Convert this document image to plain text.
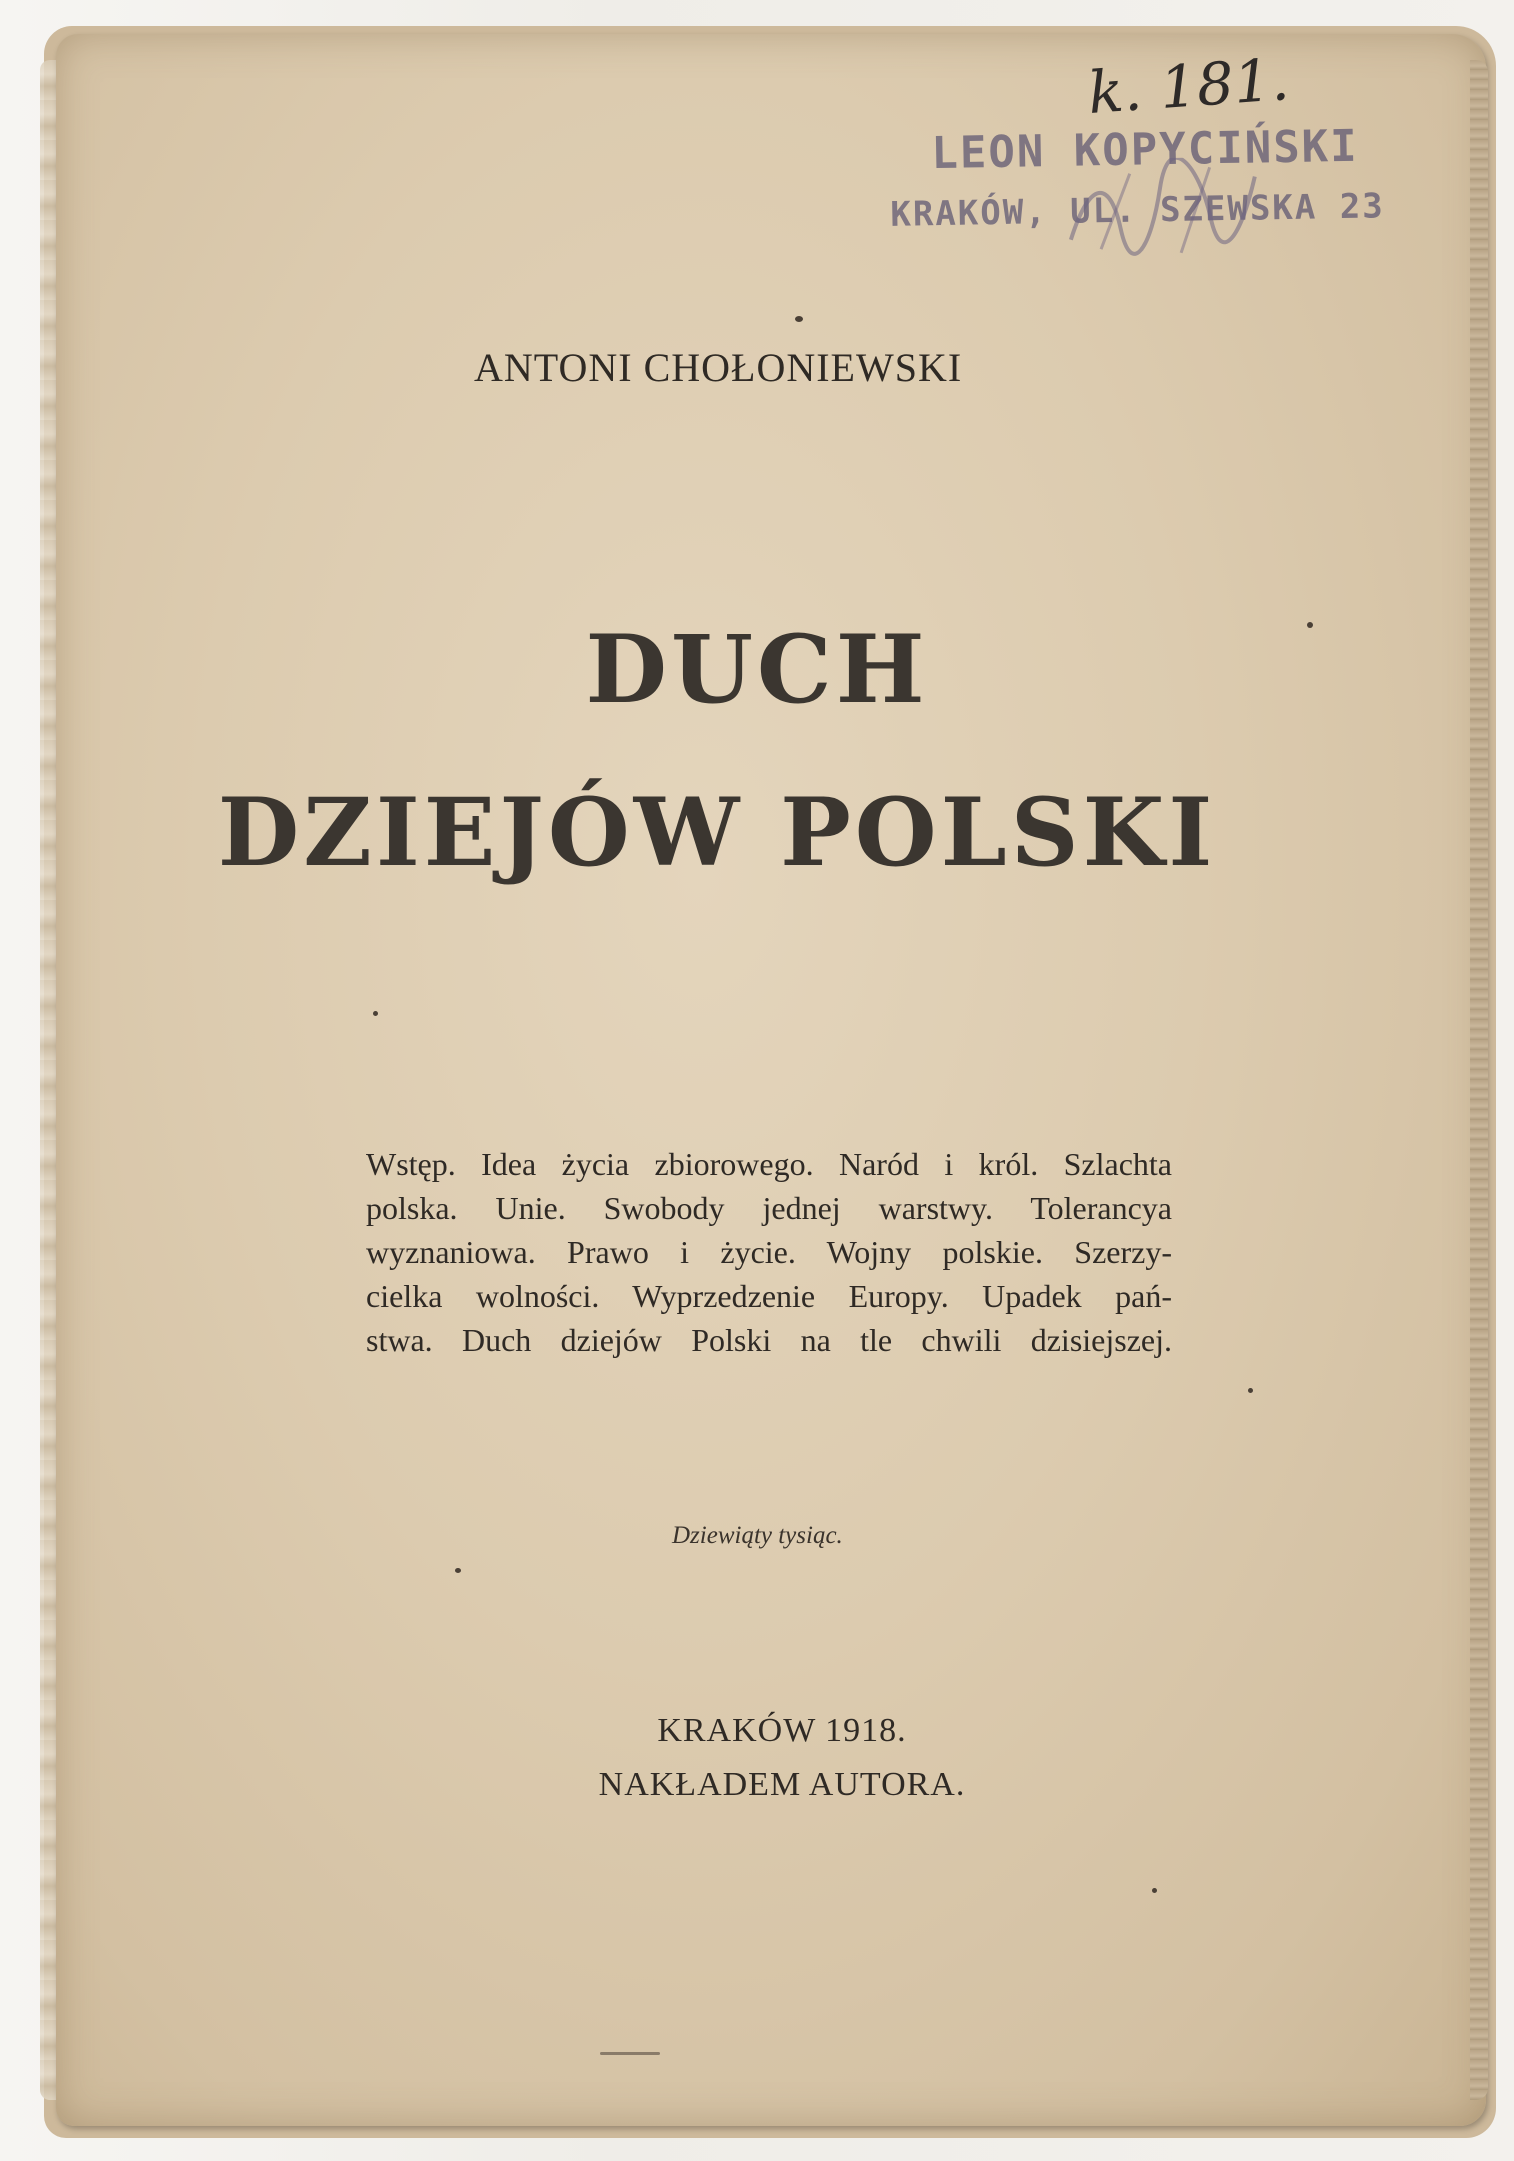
k. 181.
LEON KOPYCIŃSKI
KRAKÓW, UL. SZEWSKA 23
ANTONI CHOŁONIEWSKI
DUCH
DZIEJÓW POLSKI
Wstęp. Idea życia zbiorowego. Naród i król. Szlachta
polska. Unie. Swobody jednej warstwy. Tolerancya
wyznaniowa. Prawo i życie. Wojny polskie. Szerzy-
cielka wolności. Wyprzedzenie Europy. Upadek pań-
stwa. Duch dziejów Polski na tle chwili dzisiejszej.
Dziewiąty tysiąc.
KRAKÓW 1918.
NAKŁADEM AUTORA.
